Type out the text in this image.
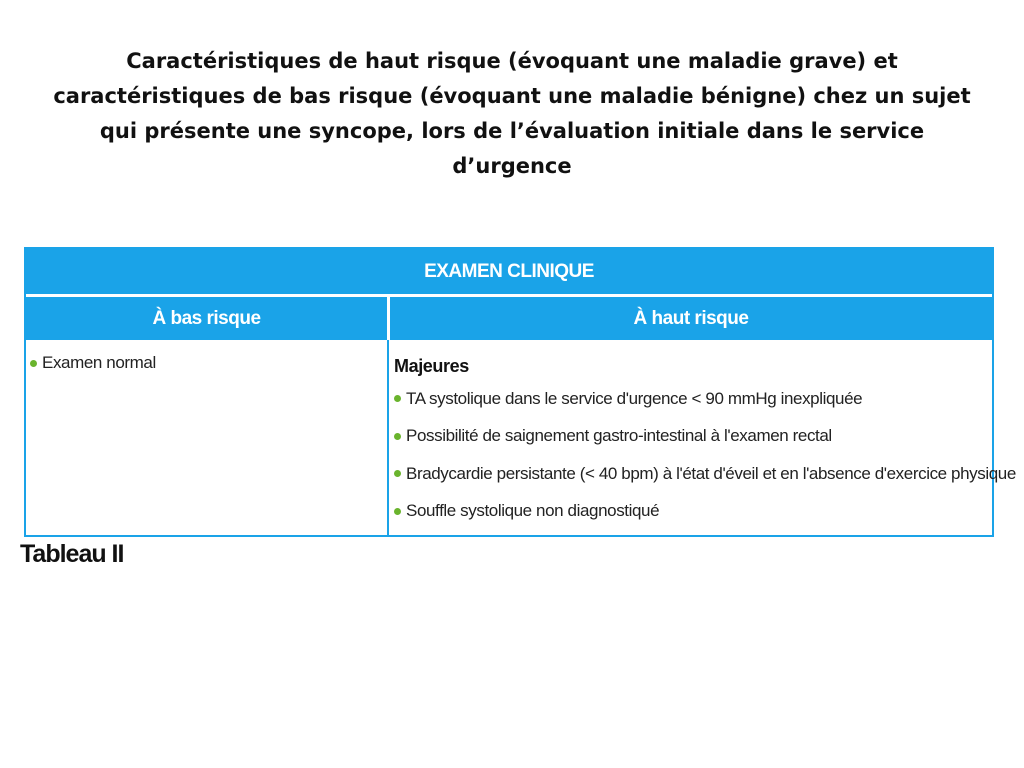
Caractéristiques de haut risque (évoquant une maladie grave) et caractéristiques de bas risque (évoquant une maladie bénigne) chez un sujet qui présente une syncope, lors de l’évaluation initiale dans le service d’urgence
EXAMEN CLINIQUE
À bas risque	À haut risque
Examen normal	Majeures
TA systolique dans le service d'urgence < 90 mmHg inexpliquée
Possibilité de saignement gastro-intestinal à l'examen rectal
Bradycardie persistante (< 40 bpm) à l'état d'éveil et en l'absence d'exercice physique
Souffle systolique non diagnostiqué
Tableau II
